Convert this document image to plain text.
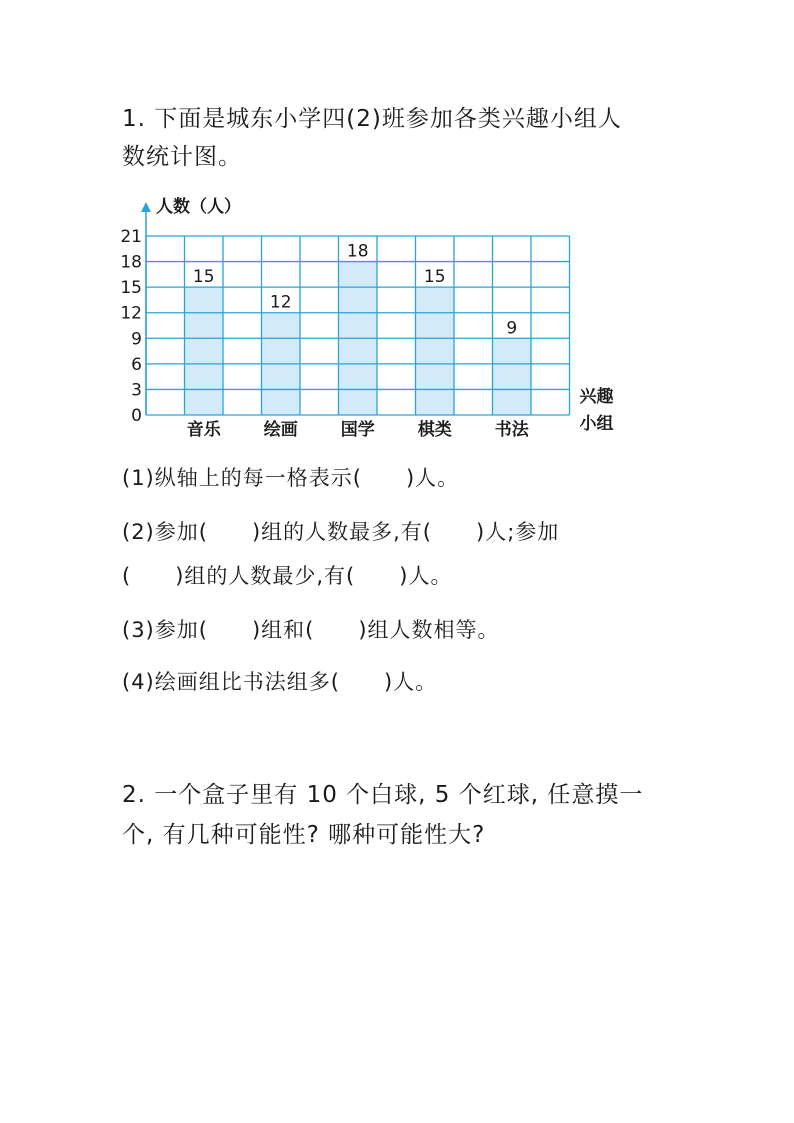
1. 下面是城东小学四(2)班参加各类兴趣小组人
数统计图。
0
3
6
9
12
15
18
21
人数（人）
15
12
18
15
9
音乐	绘画	国学	棋类	书法
兴趣
小组
(1)纵轴上的每一格表示(　　)人。
(2)参加(　　)组的人数最多,有(　　)人;参加
(　　)组的人数最少,有(　　)人。
(3)参加(　　)组和(　　)组人数相等。
(4)绘画组比书法组多(　　)人。
2. 一个盒子里有 10 个白球, 5 个红球, 任意摸一
个, 有几种可能性? 哪种可能性大?
